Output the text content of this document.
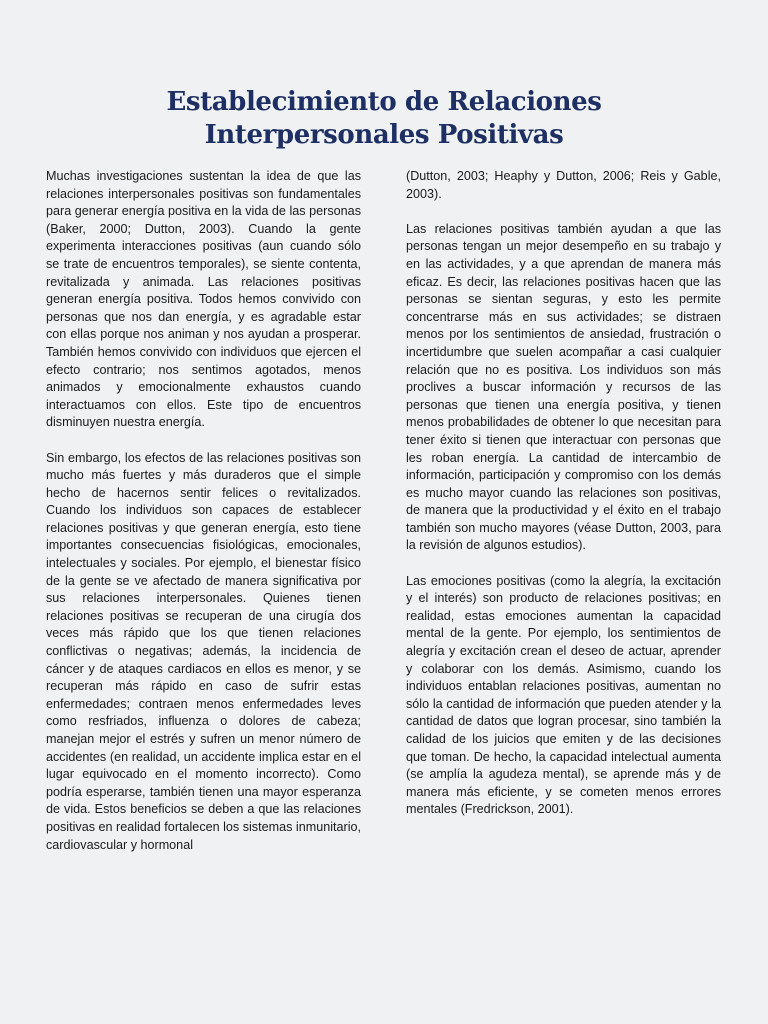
Establecimiento de Relaciones
Interpersonales Positivas

Muchas investigaciones sustentan la idea de que las relaciones interpersonales positivas son fundamentales para generar energía positiva en la vida de las personas (Baker, 2000; Dutton, 2003). Cuando la gente experimenta interacciones positivas (aun cuando sólo se trate de encuentros temporales), se siente contenta, revitalizada y animada. Las relaciones positivas generan energía positiva. Todos hemos convivido con personas que nos dan energía, y es agradable estar con ellas porque nos animan y nos ayudan a prosperar. También hemos convivido con individuos que ejercen el efecto contrario; nos sentimos agotados, menos animados y emocionalmente exhaustos cuando interactuamos con ellos. Este tipo de encuentros disminuyen nuestra energía.

Sin embargo, los efectos de las relaciones positivas son mucho más fuertes y más duraderos que el simple hecho de hacernos sentir felices o revitalizados. Cuando los individuos son capaces de establecer relaciones positivas y que generan energía, esto tiene importantes consecuencias fisiológicas, emocionales, intelectuales y sociales. Por ejemplo, el bienestar físico de la gente se ve afectado de manera significativa por sus relaciones interpersonales. Quienes tienen relaciones positivas se recuperan de una cirugía dos veces más rápido que los que tienen relaciones conflictivas o negativas; además, la incidencia de cáncer y de ataques cardiacos en ellos es menor, y se recuperan más rápido en caso de sufrir estas enfermedades; contraen menos enfermedades leves como resfriados, influenza o dolores de cabeza; manejan mejor el estrés y sufren un menor número de accidentes (en realidad, un accidente implica estar en el lugar equivocado en el momento incorrecto). Como podría esperarse, también tienen una mayor esperanza de vida. Estos beneficios se deben a que las relaciones positivas en realidad fortalecen los sistemas inmunitario, cardiovascular y hormonal

(Dutton, 2003; Heaphy y Dutton, 2006; Reis y Gable, 2003).

Las relaciones positivas también ayudan a que las personas tengan un mejor desempeño en su trabajo y en las actividades, y a que aprendan de manera más eficaz. Es decir, las relaciones positivas hacen que las personas se sientan seguras, y esto les permite concentrarse más en sus actividades; se distraen menos por los sentimientos de ansiedad, frustración o incertidumbre que suelen acompañar a casi cualquier relación que no es positiva. Los individuos son más proclives a buscar información y recursos de las personas que tienen una energía positiva, y tienen menos probabilidades de obtener lo que necesitan para tener éxito si tienen que interactuar con personas que les roban energía. La cantidad de intercambio de información, participación y compromiso con los demás es mucho mayor cuando las relaciones son positivas, de manera que la productividad y el éxito en el trabajo también son mucho mayores (véase Dutton, 2003, para la revisión de algunos estudios).

Las emociones positivas (como la alegría, la excitación y el interés) son producto de relaciones positivas; en realidad, estas emociones aumentan la capacidad mental de la gente. Por ejemplo, los sentimientos de alegría y excitación crean el deseo de actuar, aprender y colaborar con los demás. Asimismo, cuando los individuos entablan relaciones positivas, aumentan no sólo la cantidad de información que pueden atender y la cantidad de datos que logran procesar, sino también la calidad de los juicios que emiten y de las decisiones que toman. De hecho, la capacidad intelectual aumenta (se amplía la agudeza mental), se aprende más y de manera más eficiente, y se cometen menos errores mentales (Fredrickson, 2001).
